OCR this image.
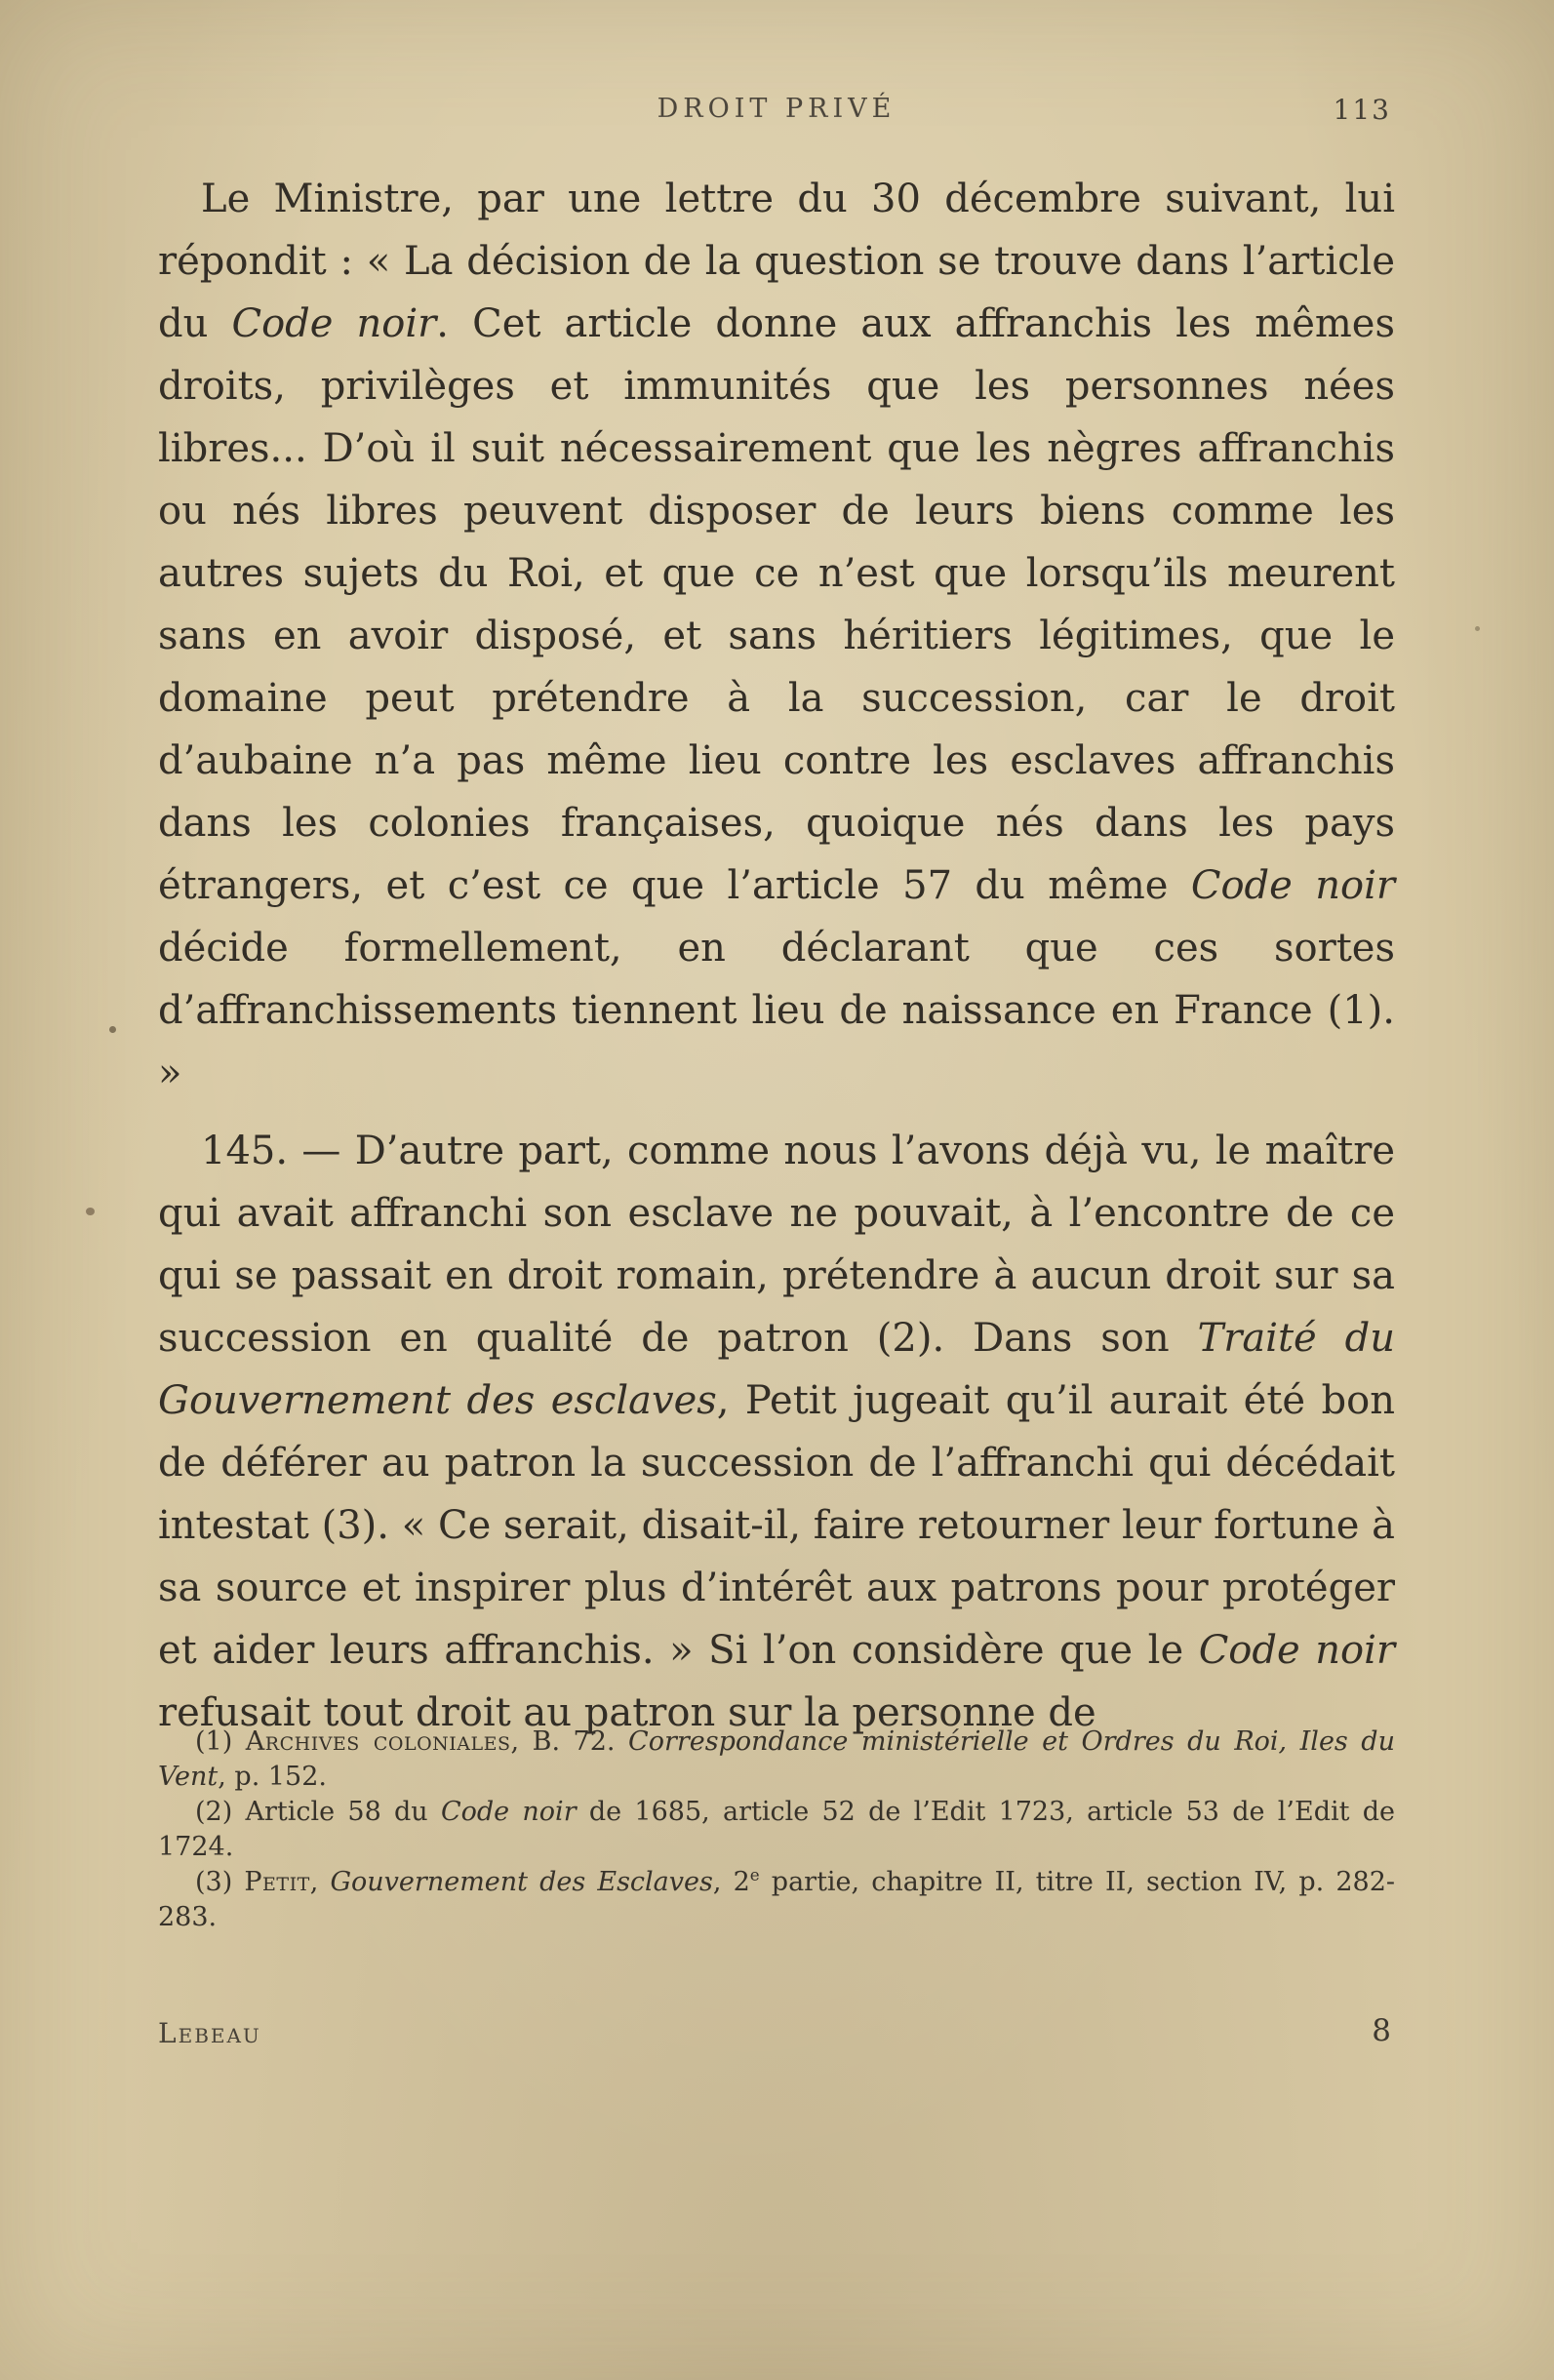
DROIT PRIVÉ	113

Le Ministre, par une lettre du 30 décembre suivant, lui répondit : « La décision de la question se trouve dans l’article du Code noir. Cet article donne aux affranchis les mêmes droits, privilèges et immunités que les personnes nées libres... D’où il suit nécessairement que les nègres affranchis ou nés libres peuvent disposer de leurs biens comme les autres sujets du Roi, et que ce n’est que lorsqu’ils meurent sans en avoir disposé, et sans héritiers légitimes, que le domaine peut prétendre à la succession, car le droit d’aubaine n’a pas même lieu contre les esclaves affranchis dans les colonies françaises, quoique nés dans les pays étrangers, et c’est ce que l’article 57 du même Code noir décide formellement, en déclarant que ces sortes d’affranchissements tiennent lieu de naissance en France (1). »

145. — D’autre part, comme nous l’avons déjà vu, le maître qui avait affranchi son esclave ne pouvait, à l’encontre de ce qui se passait en droit romain, prétendre à aucun droit sur sa succession en qualité de patron (2). Dans son Traité du Gouvernement des esclaves, Petit jugeait qu’il aurait été bon de déférer au patron la succession de l’affranchi qui décédait intestat (3). « Ce serait, disait-il, faire retourner leur fortune à sa source et inspirer plus d’intérêt aux patrons pour protéger et aider leurs affranchis. » Si l’on considère que le Code noir refusait tout droit au patron sur la personne de

(1) Archives coloniales, B. 72. Correspondance ministérielle et Ordres du Roi, Iles du Vent, p. 152.

(2) Article 58 du Code noir de 1685, article 52 de l’Edit 1723, article 53 de l’Edit de 1724.

(3) Petit, Gouvernement des Esclaves, 2e partie, chapitre II, titre II, section IV, p. 282-283.

Lebeau	8
